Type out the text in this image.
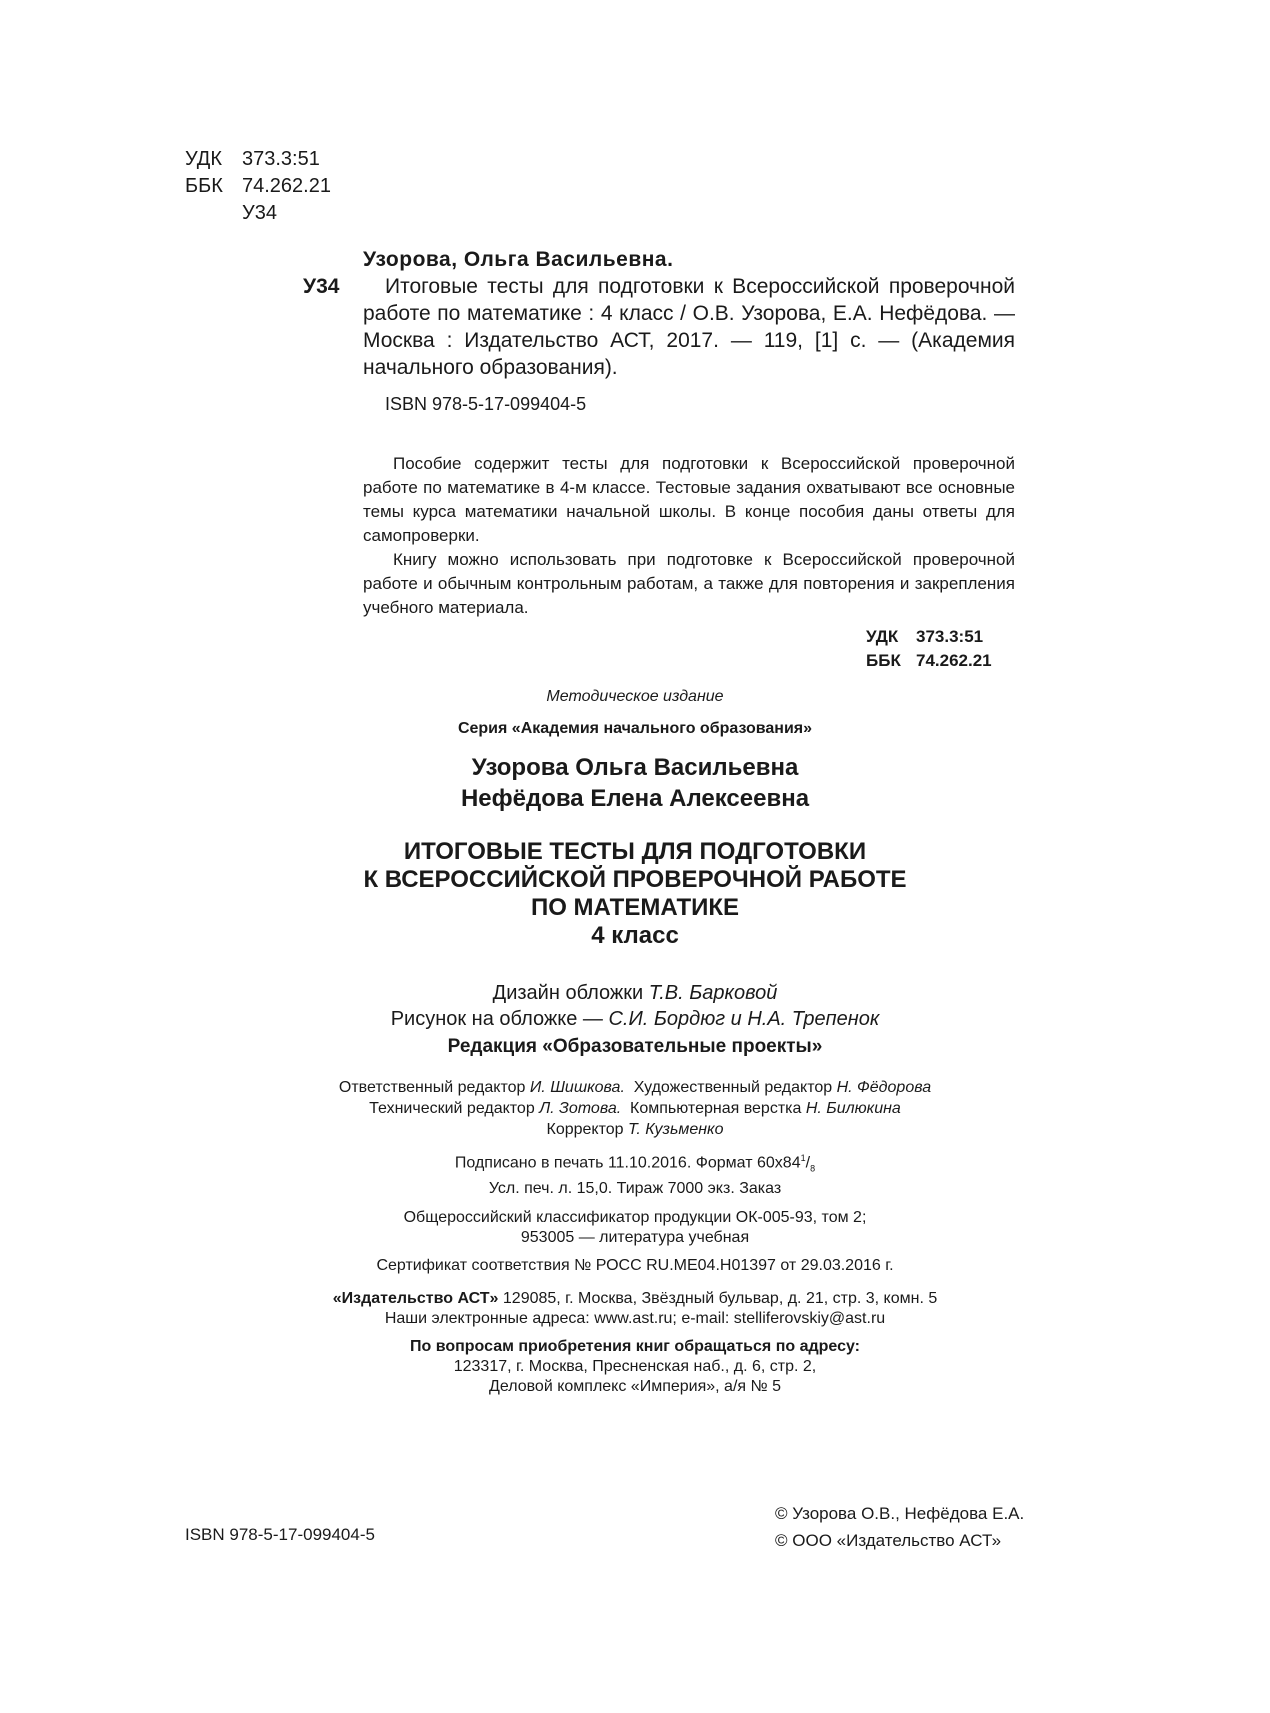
УДК 373.3:51
ББК 74.262.21
У34
Узорова, Ольга Васильевна.
У34	Итоговые тесты для подготовки к Всероссийской проверочной работе по математике : 4 класс / О.В. Узорова, Е.А. Нефёдова. — Москва : Издательство АСТ, 2017. — 119, [1] с. — (Академия начального образования).
ISBN 978-5-17-099404-5

Пособие содержит тесты для подготовки к Всероссийской проверочной работе по математике в 4-м классе. Тестовые задания охватывают все основные темы курса математики начальной школы. В конце пособия даны ответы для самопроверки.

Книгу можно использовать при подготовке к Всероссийской проверочной работе и обычным контрольным работам, а также для повторения и закрепления учебного материала.

УДК	373.3:51
ББК 74.262.21
Методическое издание
Серия «Академия начального образования»
Узорова Ольга Васильевна
Нефёдова Елена Алексеевна
ИТОГОВЫЕ ТЕСТЫ ДЛЯ ПОДГОТОВКИ
К ВСЕРОССИЙСКОЙ ПРОВЕРОЧНОЙ РАБОТЕ
ПО МАТЕМАТИКЕ
4 класс
Дизайн обложки Т.В. Барковой
Рисунок на обложке — С.И. Бордюг и Н.А. Трепенок
Редакция «Образовательные проекты»
Ответственный редактор И. Шишкова. Художественный редактор Н. Фёдорова
Технический редактор Л. Зотова. Компьютерная верстка Н. Билюкина
Корректор Т. Кузьменко
Подписано в печать 11.10.2016. Формат $60х84^1/_8$
Усл. печ. л. 15,0. Тираж 7000 экз. Заказ
Общероссийский классификатор продукции ОК-005-93, том 2;
953005 — литература учебная
Сертификат соответствия № РОСС RU.ME04.H01397 от 29.03.2016 г.
«Издательство АСТ» 129085, г. Москва, Звёздный бульвар, д. 21, стр. 3, комн. 5
Наши электронные адреса: www.ast.ru; e-mail: stelliferovskiy@ast.ru
По вопросам приобретения книг обращаться по адресу:
123317, г. Москва, Пресненская наб., д. 6, стр. 2,
Деловой комплекс «Империя», а/я № 5
ISBN 978-5-17-099404-5
© Узорова О.В., Нефёдова Е.А.
© ООО «Издательство АСТ»
